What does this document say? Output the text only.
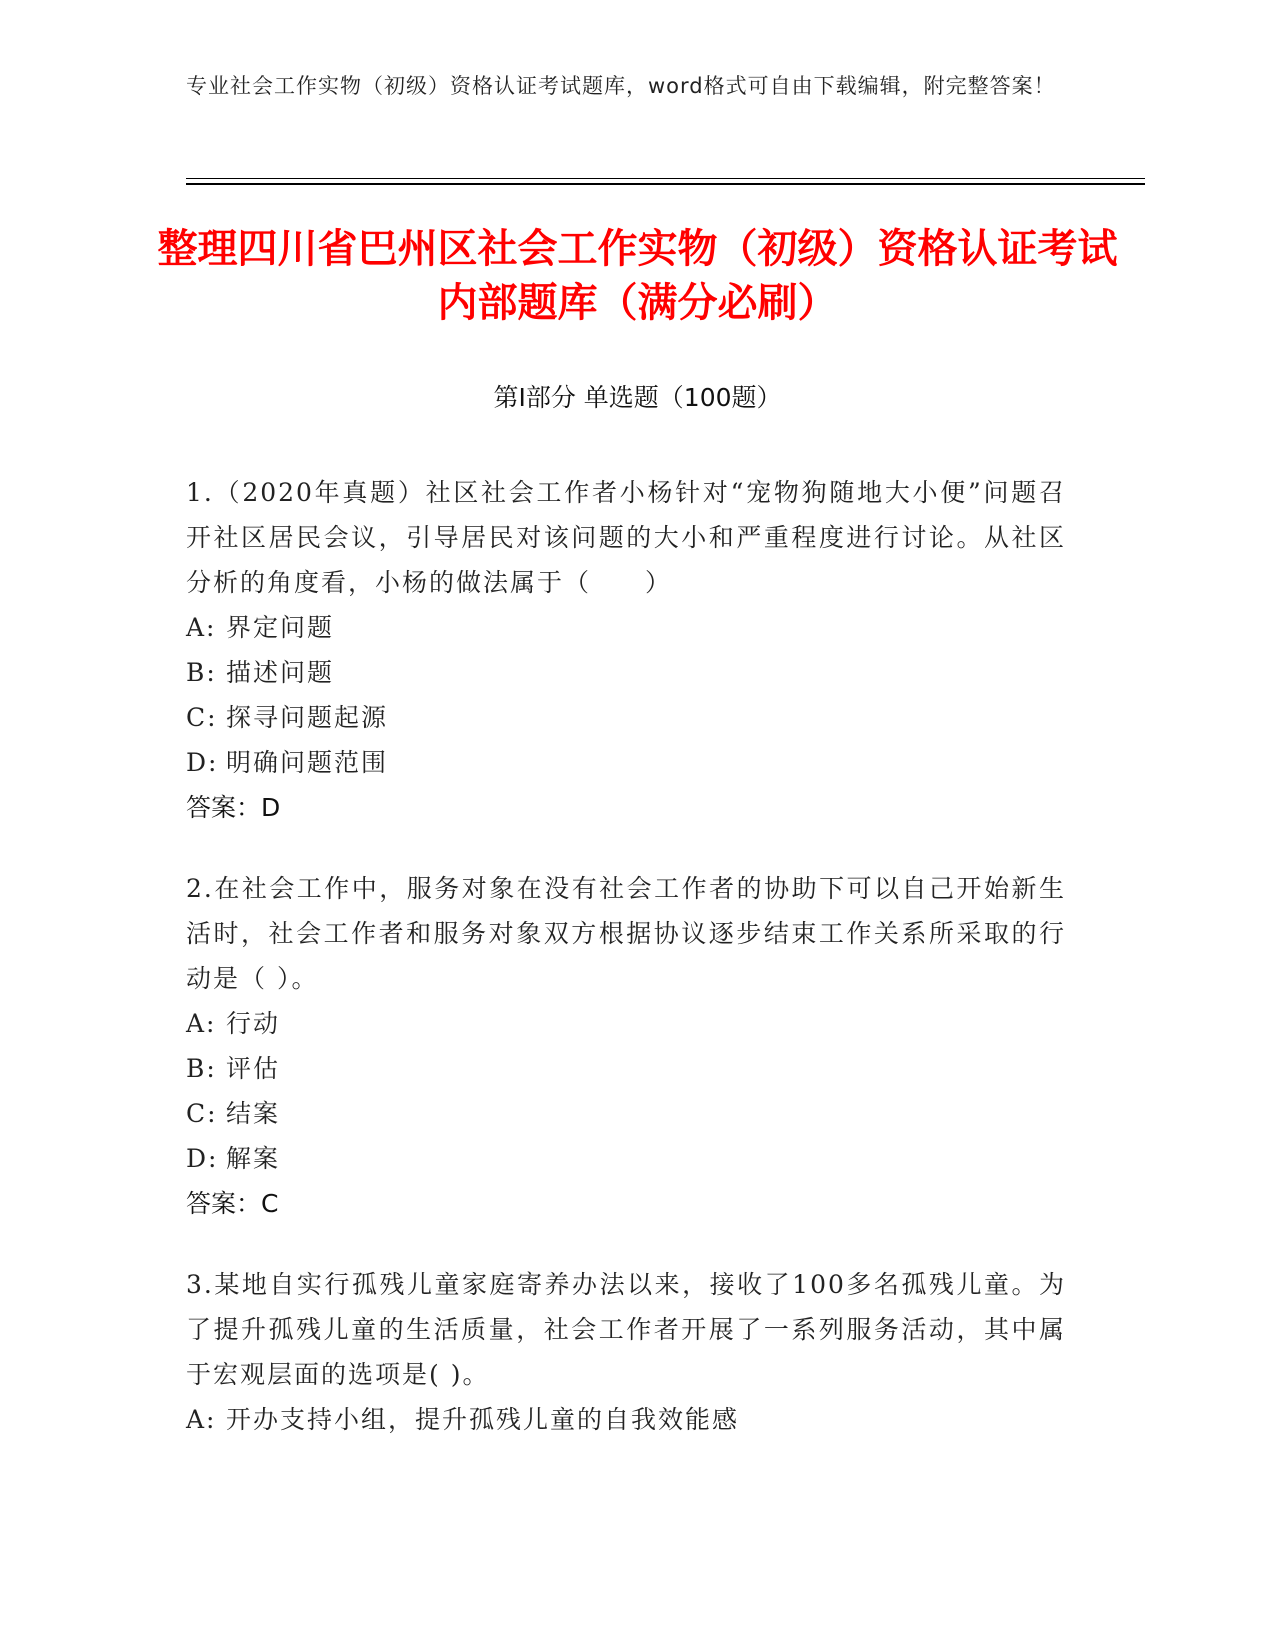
专业社会工作实物（初级）资格认证考试题库，word格式可自由下载编辑，附完整答案！
整理四川省巴州区社会工作实物（初级）资格认证考试内部题库（满分必刷）
第I部分 单选题（100题）
1.（2020年真题）社区社会工作者小杨针对“宠物狗随地大小便”问题召开社区居民会议，引导居民对该问题的大小和严重程度进行讨论。从社区分析的角度看，小杨的做法属于（　　）
A: 界定问题
B: 描述问题
C: 探寻问题起源
D: 明确问题范围
答案：D
2.在社会工作中，服务对象在没有社会工作者的协助下可以自己开始新生活时，社会工作者和服务对象双方根据协议逐步结束工作关系所采取的行动是（ ）。
A: 行动
B: 评估
C: 结案
D: 解案
答案：C
3.某地自实行孤残儿童家庭寄养办法以来，接收了100多名孤残儿童。为了提升孤残儿童的生活质量，社会工作者开展了一系列服务活动，其中属于宏观层面的选项是( )。
A: 开办支持小组，提升孤残儿童的自我效能感
